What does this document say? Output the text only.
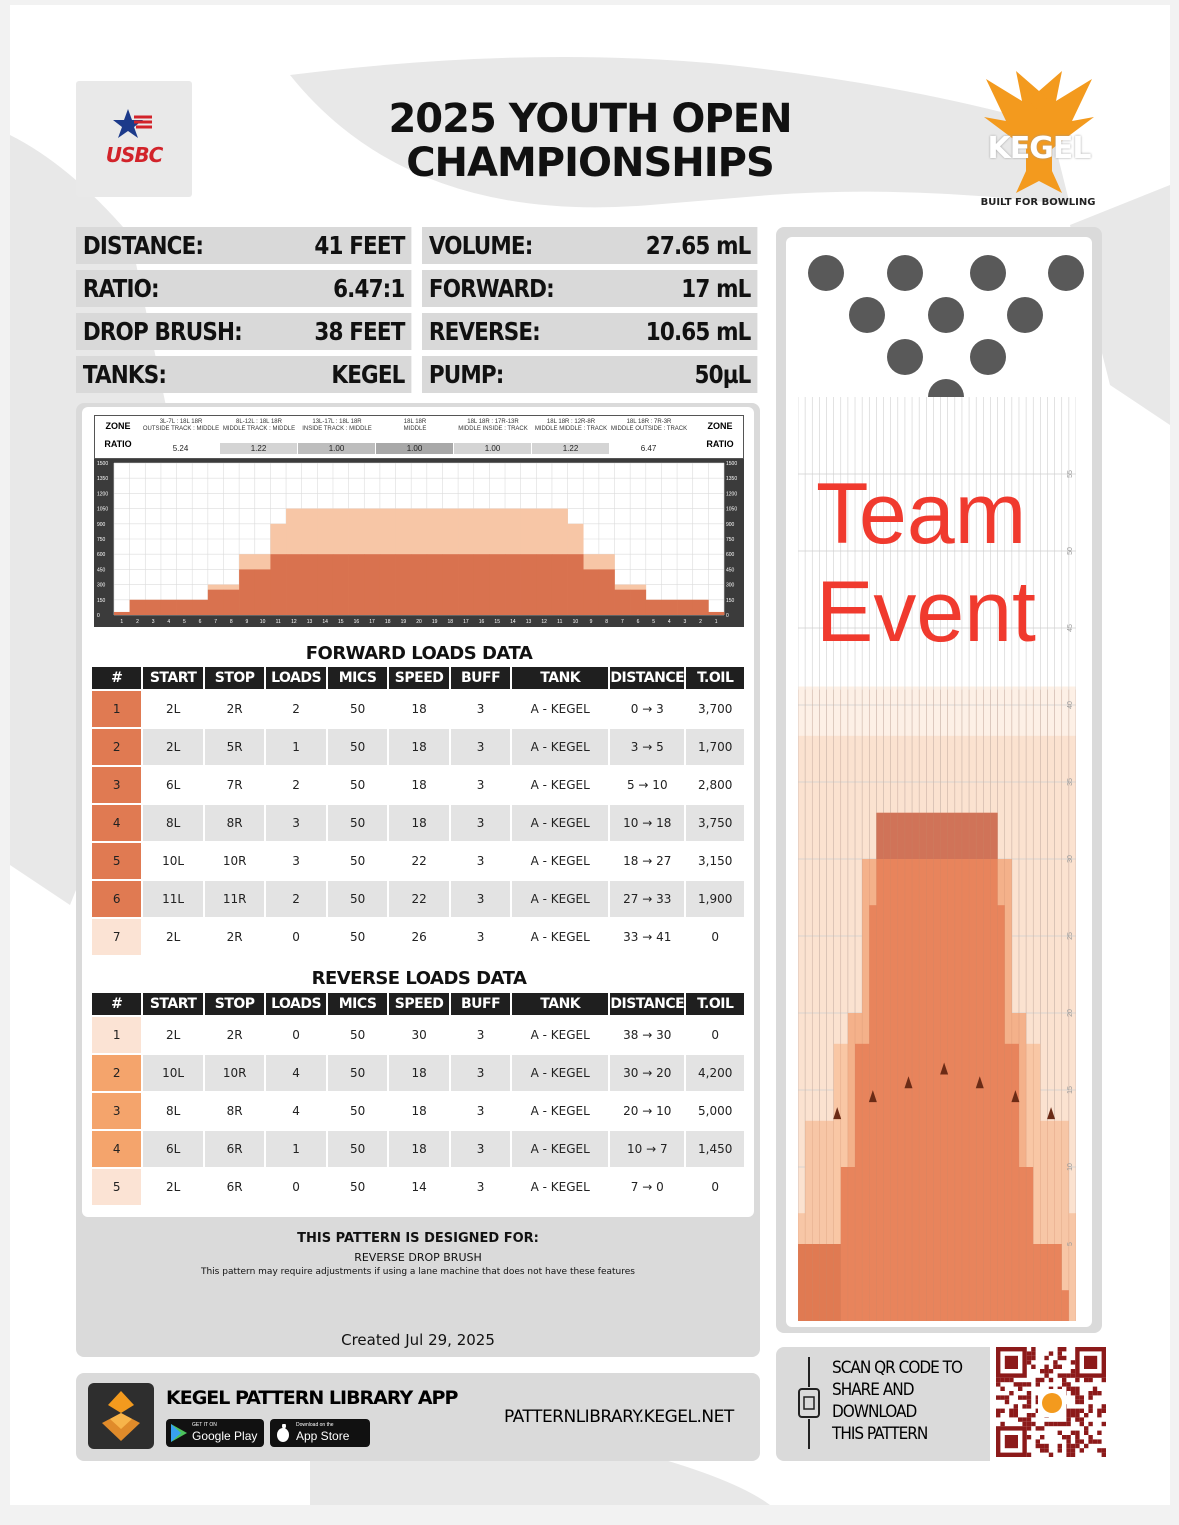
USBC
2025 YOUTH OPEN
CHAMPIONSHIPS	KEGEL
BUILT FOR BOWLING
DISTANCE:	41 FEET
RATIO:	6.47:1
DROP BRUSH:	38 FEET
TANKS:	KEGEL
VOLUME:	27.65 mL
FORWARD:	17 mL
REVERSE:	10.65 mL
PUMP:	50µL
ZONE
RATIO
ZONE
RATIO
3L-7L : 18L 18R
OUTSIDE TRACK : MIDDLE
5.24
8L-12L : 18L 18R
MIDDLE TRACK : MIDDLE
1.22
13L-17L : 18L 18R
INSIDE TRACK : MIDDLE
1.00
18L 18R
MIDDLE
1.00
18L 18R : 17R-13R
MIDDLE INSIDE : TRACK
1.00
18L 18R : 12R-8R
MIDDLE MIDDLE : TRACK
1.22
18L 18R : 7R-3R
MIDDLE OUTSIDE : TRACK
6.47
1500	1500
1350	1350
1200	1200
1050	1050
900	900
750	750
600	600
450	450
300	300
150	150
0	0
1	2	3	4	5	6	7	8	9 10 11 12 13 14 15 16 17 18 19 20 19 18 17 16 15 14 13 12 11 10 9	8	7	6	5	4	3	2	1
FORWARD LOADS DATA
#	START	STOP	LOADS	MICS	SPEED	BUFF	TANK	DISTANCE	T.OIL
1	2L	2R	2	50	18	3	A - KEGEL	0 → 3	3,700
2	2L	5R	1	50	18	3	A - KEGEL	3 → 5	1,700
3	6L	7R	2	50	18	3	A - KEGEL	5 → 10	2,800
4	8L	8R	3	50	18	3	A - KEGEL	10 → 18	3,750
5	10L	10R	3	50	22	3	A - KEGEL	18 → 27	3,150
6	11L	11R	2	50	22	3	A - KEGEL	27 → 33	1,900
7	2L	2R	0	50	26	3	A - KEGEL	33 → 41	0
REVERSE LOADS DATA
#	START	STOP	LOADS	MICS	SPEED	BUFF	TANK	DISTANCE	T.OIL
1	2L	2R	0	50	30	3	A - KEGEL	38 → 30	0
2	10L	10R	4	50	18	3	A - KEGEL	30 → 20	4,200
3	8L	8R	4	50	18	3	A - KEGEL	20 → 10	5,000
4	6L	6R	1	50	18	3	A - KEGEL	10 → 7	1,450
5	2L	6R	0	50	14	3	A - KEGEL	7 → 0	0
THIS PATTERN IS DESIGNED FOR:
REVERSE DROP BRUSH
This pattern may require adjustments if using a lane machine that does not have these features
Created Jul 29, 2025
KEGEL PATTERN LIBRARY APP
GET IT ON
Google Play
Download on the
App Store
PATTERNLIBRARY.KEGEL.NET
55
50
45
40
35
30
25
20
15
10
5
Team
Event
SCAN QR CODE TO
SHARE AND
DOWNLOAD
THIS PATTERN
